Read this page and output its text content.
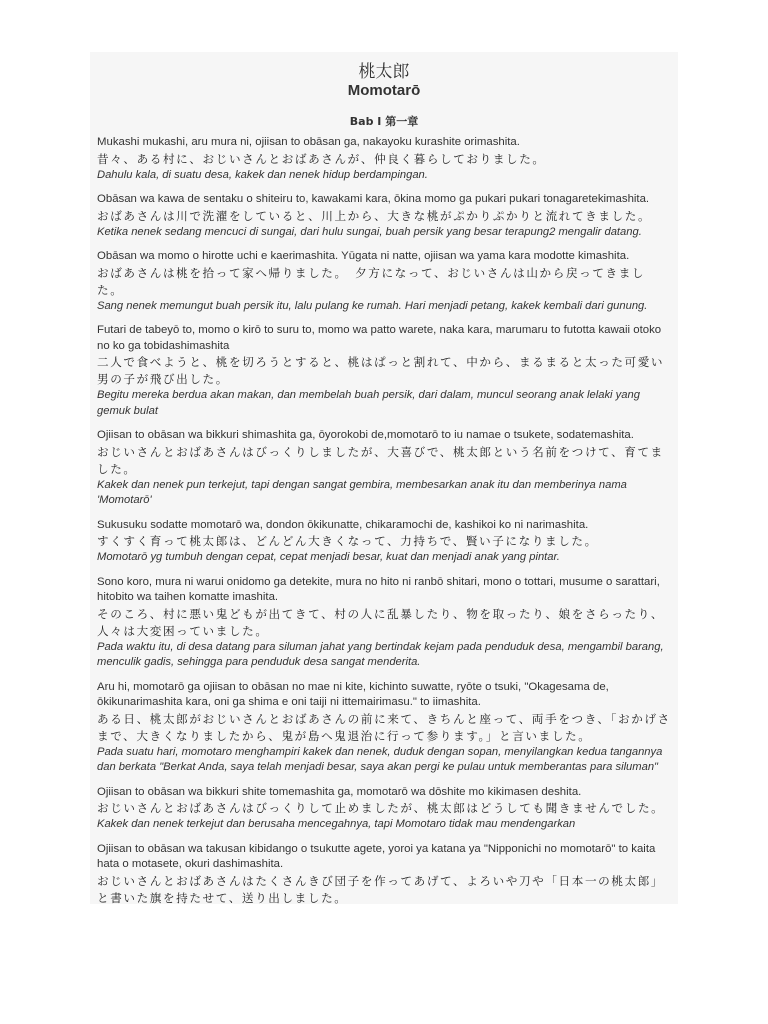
桃太郎
Momotarō
Bab I 第一章
Mukashi mukashi, aru mura ni, ojiisan to obāsan ga, nakayoku kurashite orimashita.
昔々、ある村に、おじいさんとおばあさんが、仲良く暮らしておりました。
Dahulu kala, di suatu desa, kakek dan nenek hidup berdampingan.
Obāsan wa kawa de sentaku o shiteiru to, kawakami kara, ōkina momo ga pukari pukari tonagaretekimashita.
おばあさんは川で洗濯をしていると、川上から、大きな桃がぷかりぷかりと流れてきました。
Ketika nenek sedang mencuci di sungai, dari hulu sungai, buah persik yang besar terapung2 mengalir datang.
Obāsan wa momo o hirotte uchi e kaerimashita. Yūgata ni natte, ojiisan wa yama kara modotte kimashita.
おばあさんは桃を拾って家へ帰りました。　夕方になって、おじいさんは山から戻ってきました。
Sang nenek memungut buah persik itu, lalu pulang ke rumah. Hari menjadi petang, kakek kembali dari gunung.
Futari de tabeyō to, momo o kirō to suru to, momo wa patto warete, naka kara, marumaru to futotta kawaii otoko no ko ga tobidashimashita
二人で食べようと、桃を切ろうとすると、桃はぱっと割れて、中から、まるまると太った可愛い男の子が飛び出した。
Begitu mereka berdua akan makan, dan membelah buah persik, dari dalam, muncul seorang anak lelaki yang gemuk bulat
Ojiisan to obāsan wa bikkuri shimashita ga, ōyorokobi de,momotarō to iu namae o tsukete, sodatemashita.
おじいさんとおばあさんはびっくりしましたが、大喜びで、桃太郎という名前をつけて、育てました。
Kakek dan nenek pun terkejut, tapi dengan sangat gembira, membesarkan anak itu dan memberinya nama 'Momotarō'
Sukusuku sodatte momotarō wa, dondon ōkikunatte, chikaramochi de, kashikoi ko ni narimashita.
すくすく育って桃太郎は、どんどん大きくなって、力持ちで、賢い子になりました。
Momotarō yg tumbuh dengan cepat, cepat menjadi besar, kuat dan menjadi anak yang pintar.
Sono koro, mura ni warui onidomo ga detekite, mura no hito ni ranbō shitari, mono o tottari, musume o sarattari, hitobito wa taihen komatte imashita.
そのころ、村に悪い鬼どもが出てきて、村の人に乱暴したり、物を取ったり、娘をさらったり、人々は大変困っていました。
Pada waktu itu, di desa datang para siluman jahat yang bertindak kejam pada penduduk desa, mengambil barang, menculik gadis, sehingga para penduduk desa sangat menderita.
Aru hi, momotarō ga ojiisan to obāsan no mae ni kite, kichinto suwatte, ryōte o tsuki, "Okagesama de, ōkikunarimashita kara, oni ga shima e oni taiji ni ittemairimasu." to iimashita.
ある日、桃太郎がおじいさんとおばあさんの前に来て、きちんと座って、両手をつき、「おかげさまで、大きくなりましたから、鬼が島へ鬼退治に行って参ります。」と言いました。
Pada suatu hari, momotaro menghampiri kakek dan nenek, duduk dengan sopan, menyilangkan kedua tangannya dan berkata "Berkat Anda, saya telah menjadi besar, saya akan pergi ke pulau untuk memberantas para siluman"
Ojiisan to obāsan wa bikkuri shite tomemashita ga, momotarō wa dōshite mo kikimasen deshita.
おじいさんとおばあさんはびっくりして止めましたが、桃太郎はどうしても聞きませんでした。
Kakek dan nenek terkejut dan berusaha mencegahnya, tapi Momotaro tidak mau mendengarkan
Ojiisan to obāsan wa takusan kibidango o tsukutte agete, yoroi ya katana ya "Nipponichi no momotarō" to kaita hata o motasete, okuri dashimashita.
おじいさんとおばあさんはたくさんきび団子を作ってあげて、よろいや刀や「日本一の桃太郎」と書いた旗を持たせて、送り出しました。
